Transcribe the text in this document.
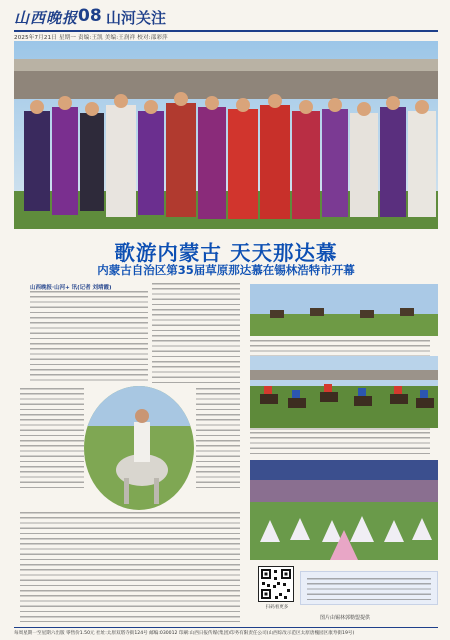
山西晚报 08 山河关注
2025年7月21日 星期一 责编:王凯 美编:王润祥 校对:邵彩萍
歌游内蒙古 天天那达慕
内蒙古自治区第35届草原那达慕在锡林浩特市开幕
山西晚报·山河+ 讯(记者 刘靖霞)
扫码看更多
图片由锡林郭勒盟提供
每周星期一至星期六出版 零售价1.50元 社址:太原双塔寺街124号 邮编:030012 印刷:山西日报传媒(集团)印务有限责任公司(山西综改示范区太原唐槐园区康寿街19号)
